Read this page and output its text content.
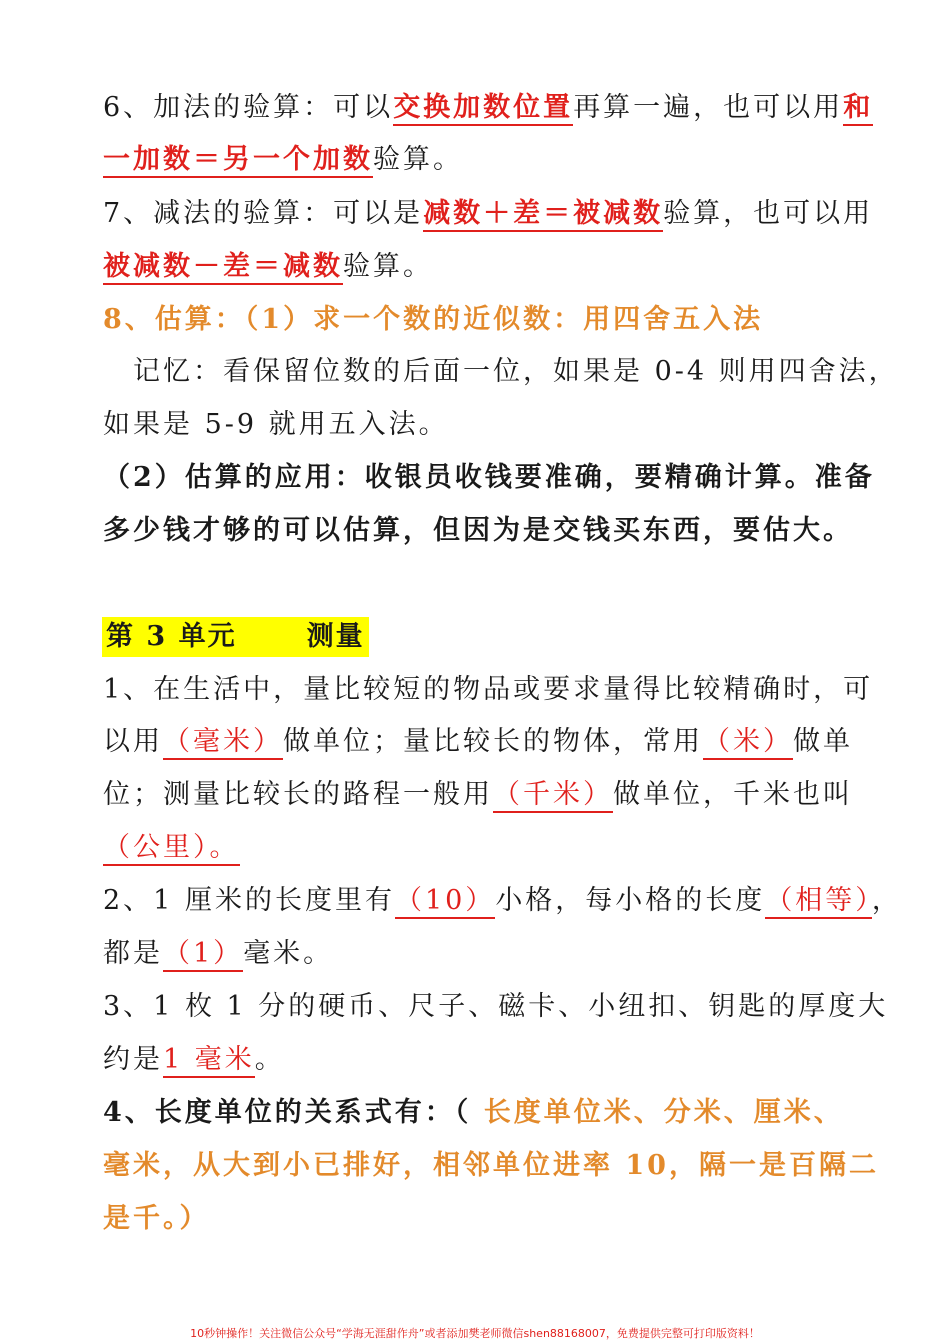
6、加法的验算：可以交换加数位置再算一遍，也可以用和
一加数＝另一个加数验算。
7、减法的验算：可以是减数＋差＝被减数验算，也可以用
被减数－差＝减数验算。
8、估算：（1）求一个数的近似数：用四舍五入法
记忆：看保留位数的后面一位，如果是 0-4 则用四舍法，
如果是 5-9 就用五入法。
（2）估算的应用：收银员收钱要准确，要精确计算。准备
多少钱才够的可以估算，但因为是交钱买东西，要估大。
第 3 单元	测量
1、在生活中，量比较短的物品或要求量得比较精确时，可
以用（毫米）做单位；量比较长的物体，常用（米）做单
位；测量比较长的路程一般用（千米）做单位，千米也叫
（公里）。
2、1 厘米的长度里有（10）小格，每小格的长度（相等），
都是（1）毫米。
3、1 枚 1 分的硬币、尺子、磁卡、小纽扣、钥匙的厚度大
约是1 毫米。
4、长度单位的关系式有：（ 长度单位米、分米、厘米、
毫米，从大到小已排好，相邻单位进率 10，隔一是百隔二
是千。）
10秒钟操作！关注微信公众号“学海无涯甜作舟”或者添加樊老师微信shen88168007，免费提供完整可打印版资料！
